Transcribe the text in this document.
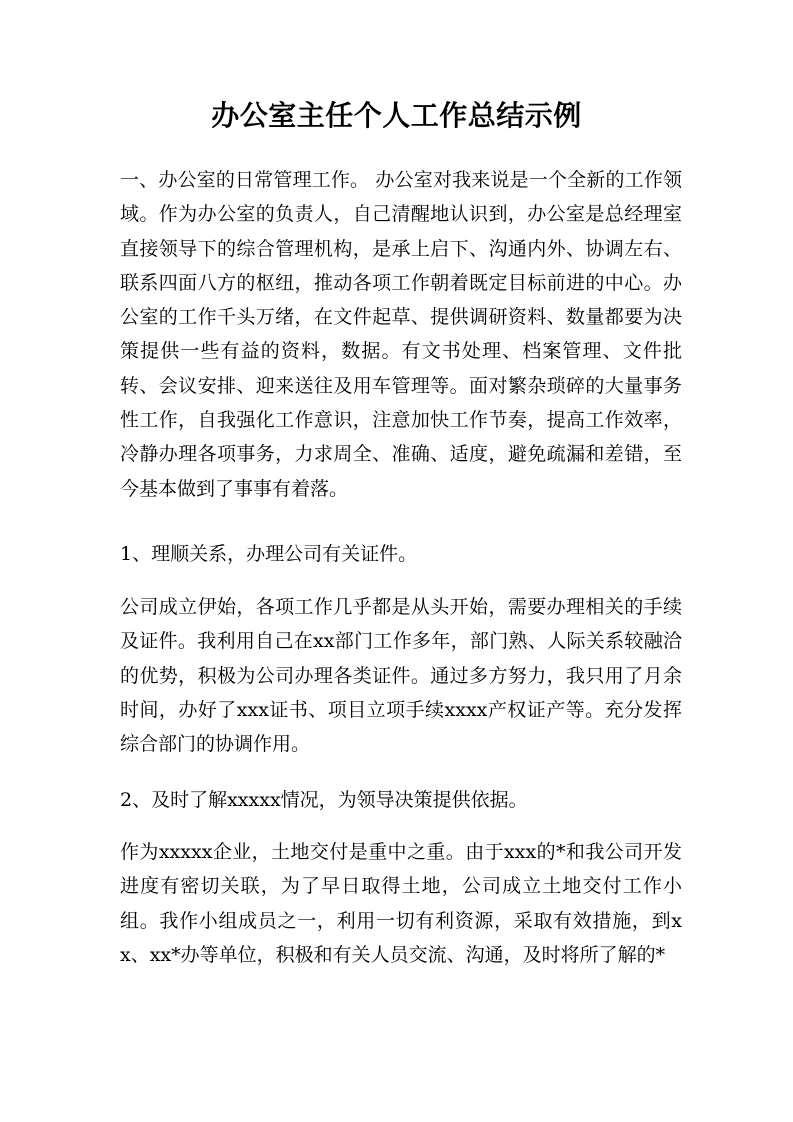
办公室主任个人工作总结示例

一、办公室的日常管理工作。 办公室对我来说是一个全新的工作领域。作为办公室的负责人，自己清醒地认识到，办公室是总经理室直接领导下的综合管理机构，是承上启下、沟通内外、协调左右、联系四面八方的枢纽，推动各项工作朝着既定目标前进的中心。办公室的工作千头万绪，在文件起草、提供调研资料、数量都要为决策提供一些有益的资料，数据。有文书处理、档案管理、文件批转、会议安排、迎来送往及用车管理等。面对繁杂琐碎的大量事务性工作，自我强化工作意识，注意加快工作节奏，提高工作效率，冷静办理各项事务，力求周全、准确、适度，避免疏漏和差错，至今基本做到了事事有着落。

1、理顺关系，办理公司有关证件。

公司成立伊始，各项工作几乎都是从头开始，需要办理相关的手续及证件。我利用自己在xx部门工作多年，部门熟、人际关系较融洽的优势，积极为公司办理各类证件。通过多方努力，我只用了月余时间，办好了xxx证书、项目立项手续xxxx产权证产等。充分发挥综合部门的协调作用。

2、及时了解xxxxx情况，为领导决策提供依据。

作为xxxxx企业，土地交付是重中之重。由于xxx的*和我公司开发进度有密切关联，为了早日取得土地，公司成立土地交付工作小组。我作小组成员之一，利用一切有利资源，采取有效措施，到xx、xx*办等单位，积极和有关人员交流、沟通，及时将所了解的*
